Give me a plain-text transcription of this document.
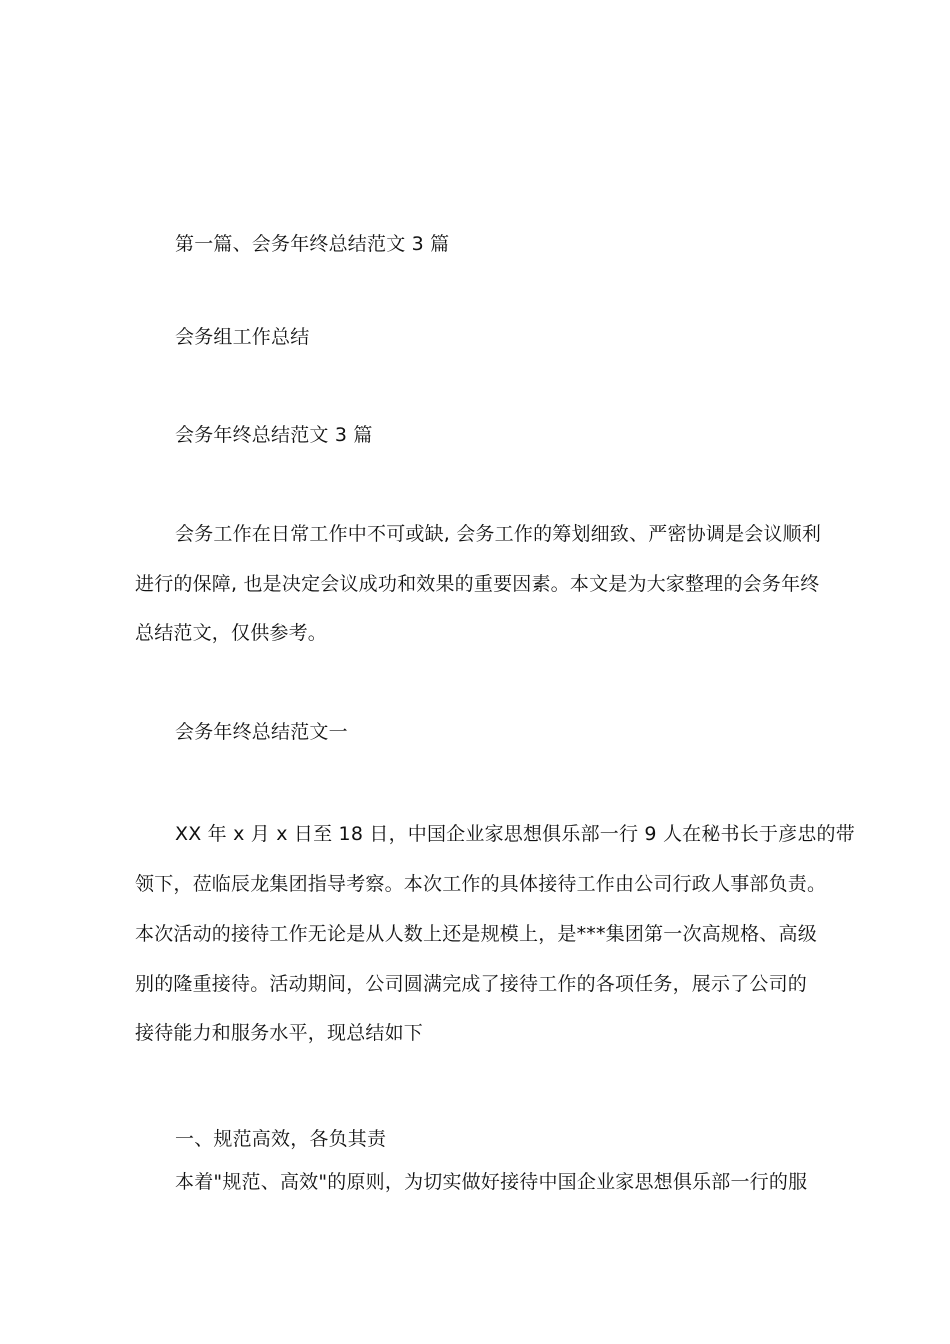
第一篇、会务年终总结范文 3 篇
会务组工作总结
会务年终总结范文 3 篇
会务工作在日常工作中不可或缺, 会务工作的筹划细致、严密协调是会议顺利
进行的保障, 也是决定会议成功和效果的重要因素。本文是为大家整理的会务年终
总结范文，仅供参考。
会务年终总结范文一
XX 年 x 月 x 日至 18 日，中国企业家思想俱乐部一行 9 人在秘书长于彦忠的带
领下，莅临辰龙集团指导考察。本次工作的具体接待工作由公司行政人事部负责。
本次活动的接待工作无论是从人数上还是规模上，是***集团第一次高规格、高级
别的隆重接待。活动期间，公司圆满完成了接待工作的各项任务，展示了公司的
接待能力和服务水平，现总结如下
一、规范高效，各负其责
本着"规范、高效"的原则，为切实做好接待中国企业家思想俱乐部一行的服
